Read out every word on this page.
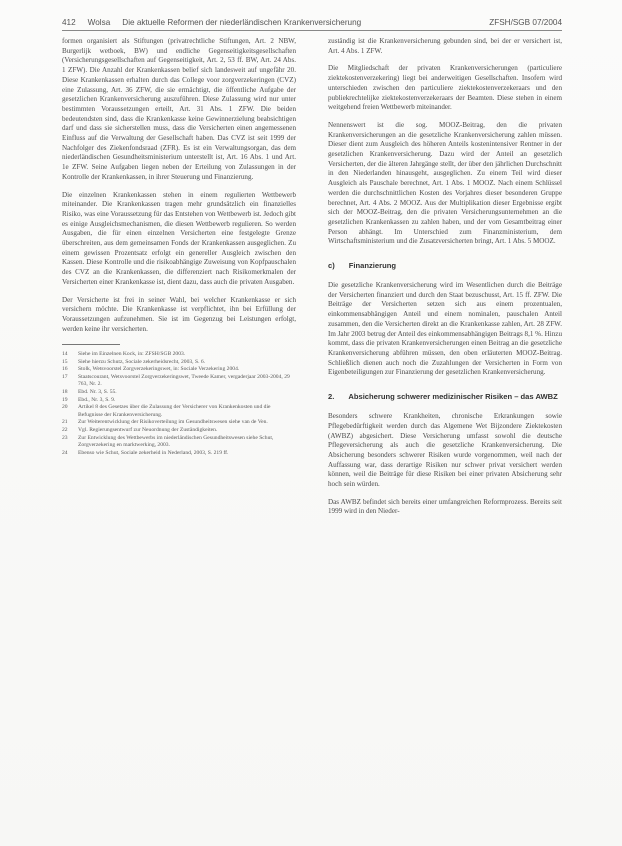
412 Wolsa Die aktuelle Reformen der niederländischen Krankenversicherung	ZFSH/SGB 07/2004

formen organisiert als Stiftungen (privatrechtliche Stiftungen, Art. 2 NBW, Burgerlijk wetboek, BW) und endliche Gegenseitigkeitsgesellschaften (Versicherungsgesellschaften auf Gegenseitigkeit, Art. 2, 53 ff. BW, Art. 24 Abs. 1 ZFW). Die Anzahl der Krankenkassen belief sich landesweit auf ungefähr 20. Diese Krankenkassen erhalten durch das College voor zorgverzekeringen (CVZ) eine Zulassung, Art. 36 ZFW, die sie ermächtigt, die öffentliche Aufgabe der gesetzlichen Krankenversicherung auszuführen. Diese Zulassung wird nur unter bestimmten Voraussetzungen erteilt, Art. 31 Abs. 1 ZFW. Die beiden bedeutendsten sind, dass die Krankenkasse keine Gewinnerzielung beabsichtigen darf und dass sie sicherstellen muss, dass die Versicherten einen angemessenen Einfluss auf die Verwaltung der Gesellschaft haben. Das CVZ ist seit 1999 der Nachfolger des Ziekenfondsraad (ZFR). Es ist ein Verwaltungsorgan, das dem niederländischen Gesundheitsministerium unterstellt ist, Art. 16 Abs. 1 und Art. 1e ZFW. Seine Aufgaben liegen neben der Erteilung von Zulassungen in der Kontrolle der Krankenkassen, in ihrer Steuerung und Finanzierung.

Die einzelnen Krankenkassen stehen in einem regulierten Wettbewerb miteinander. Die Krankenkassen tragen mehr grundsätzlich ein finanzielles Risiko, was eine Voraussetzung für das Entstehen von Wettbewerb ist. Jedoch gibt es einige Ausgleichsmechanismen, die diesen Wettbewerb regulieren. So werden Ausgaben, die für einen einzelnen Versicherten eine festgelegte Grenze überschreiten, aus dem gemeinsamen Fonds der Krankenkassen ausgeglichen. Zu einem gewissen Prozentsatz erfolgt ein genereller Ausgleich zwischen den Kassen. Diese Kontrolle und die risikoabhängige Zuweisung von Kopfpauschalen des CVZ an die Krankenkassen, die differenziert nach Risikomerkmalen der Versicherten einer Krankenkasse ist, dient dazu, dass auch die privaten Ausgaben.

Der Versicherte ist frei in seiner Wahl, bei welcher Krankenkasse er sich versichern möchte. Die Krankenkasse ist verpflichtet, ihn bei Erfüllung der Voraussetzungen aufzunehmen. Sie ist im Gegenzug bei Leistungen erfolgt, werden keine ihr versicherten.

14	Siehe im Einzelnen Kock, in: ZFSH/SGB 2003.
15	Siehe hierzu Schutz, Sociale zekerheidsrecht, 2003, S. 6.
16	Stolk, Wetsvoorstel Zorgverzekeringswet, in: Sociale Verzekering 2004.
17	Staatscourant, Wetsvoorstel Zorgverzekeringswet, Tweede Kamer, vergaderjaar 2003-2004, 29 763, Nr. 2.
18	Ebd. Nr. 3, S. 55.
19	Ebd., Nr. 3, S. 9.
20	Artikel 8 des Gesetzes über die Zulassung der Versicherer von Krankenkosten und die Befugnisse der Krankenversicherung.
21	Zur Weiterentwicklung der Risikoverteilung im Gesundheitswesen siehe van de Ven.
22	Vgl. Regierungsentwurf zur Neuordnung der Zuständigkeiten.
23	Zur Entwicklung des Wettbewerbs im niederländischen Gesundheitswesen siehe Schut, Zorgverzekering en marktwerking, 2003.
24	Ebenso wie Schut, Sociale zekerheid in Nederland, 2003, S. 219 ff.

zuständig ist die Krankenversicherung gebunden sind, bei der er versichert ist, Art. 4 Abs. 1 ZFW.

Die Mitgliedschaft der privaten Krankenversicherungen (particuliere ziektekostenverzekering) liegt bei anderweitigen Gesellschaften. Insofern wird unterschieden zwischen den particuliere ziektekostenverzekeraars und den publiekrechtelijke ziektekostenverzekeraars der Beamten. Diese stehen in einem weitgehend freien Wettbewerb miteinander.

Nennenswert ist die sog. MOOZ-Beitrag, den die privaten Krankenversicherungen an die gesetzliche Krankenversicherung zahlen müssen. Dieser dient zum Ausgleich des höheren Anteils kostenintensiver Rentner in der gesetzlichen Krankenversicherung. Dazu wird der Anteil an gesetzlich Versicherten, der die älteren Jahrgänge stellt, der über den jährlichen Durchschnitt in den Niederlanden hinausgeht, ausgeglichen. Zu einem Teil wird dieser Ausgleich als Pauschale berechnet, Art. 1 Abs. 1 MOOZ. Nach einem Schlüssel werden die durchschnittlichen Kosten des Vorjahres dieser besonderen Gruppe berechnet, Art. 4 Abs. 2 MOOZ. Aus der Multiplikation dieser Ergebnisse ergibt sich der MOOZ-Beitrag, den die privaten Versicherungsunternehmen an die gesetzlichen Krankenkassen zu zahlen haben, und der vom Gesamtbeitrag einer Person abhängt. Im Unterschied zum Finanzministerium, dem Wirtschaftsministerium und die Zusatzversicherten bringt, Art. 1 Abs. 5 MOOZ.

c) Finanzierung

Die gesetzliche Krankenversicherung wird im Wesentlichen durch die Beiträge der Versicherten finanziert und durch den Staat bezuschusst, Art. 15 ff. ZFW. Die Beiträge der Versicherten setzen sich aus einem prozentualen, einkommensabhängigen Anteil und einem nominalen, pauschalen Anteil zusammen, den die Versicherten direkt an die Krankenkasse zahlen, Art. 28 ZFW. Im Jahr 2003 betrug der Anteil des einkommensabhängigen Beitrags 8,1 %. Hinzu kommt, dass die privaten Krankenversicherungen einen Beitrag an die gesetzliche Krankenversicherung abführen müssen, den oben erläuterten MOOZ-Beitrag. Schließlich dienen auch noch die Zuzahlungen der Versicherten in Form von Eigenbeteiligungen zur Finanzierung der gesetzlichen Krankenversicherung.

2. Absicherung schwerer medizinischer Risiken – das AWBZ

Besonders schwere Krankheiten, chronische Erkrankungen sowie Pflegebedürftigkeit werden durch das Algemene Wet Bijzondere Ziektekosten (AWBZ) abgesichert. Diese Versicherung umfasst sowohl die deutsche Pflegeversicherung als auch die gesetzliche Krankenversicherung. Die Absicherung besonders schwerer Risiken wurde vorgenommen, weil nach der Auffassung war, dass derartige Risiken nur schwer privat versichert werden können, weil die Beiträge für diese Risiken bei einer privaten Absicherung sehr hoch sein würden.

Das AWBZ befindet sich bereits einer umfangreichen Reformprozess. Bereits seit 1999 wird in den Nieder-
